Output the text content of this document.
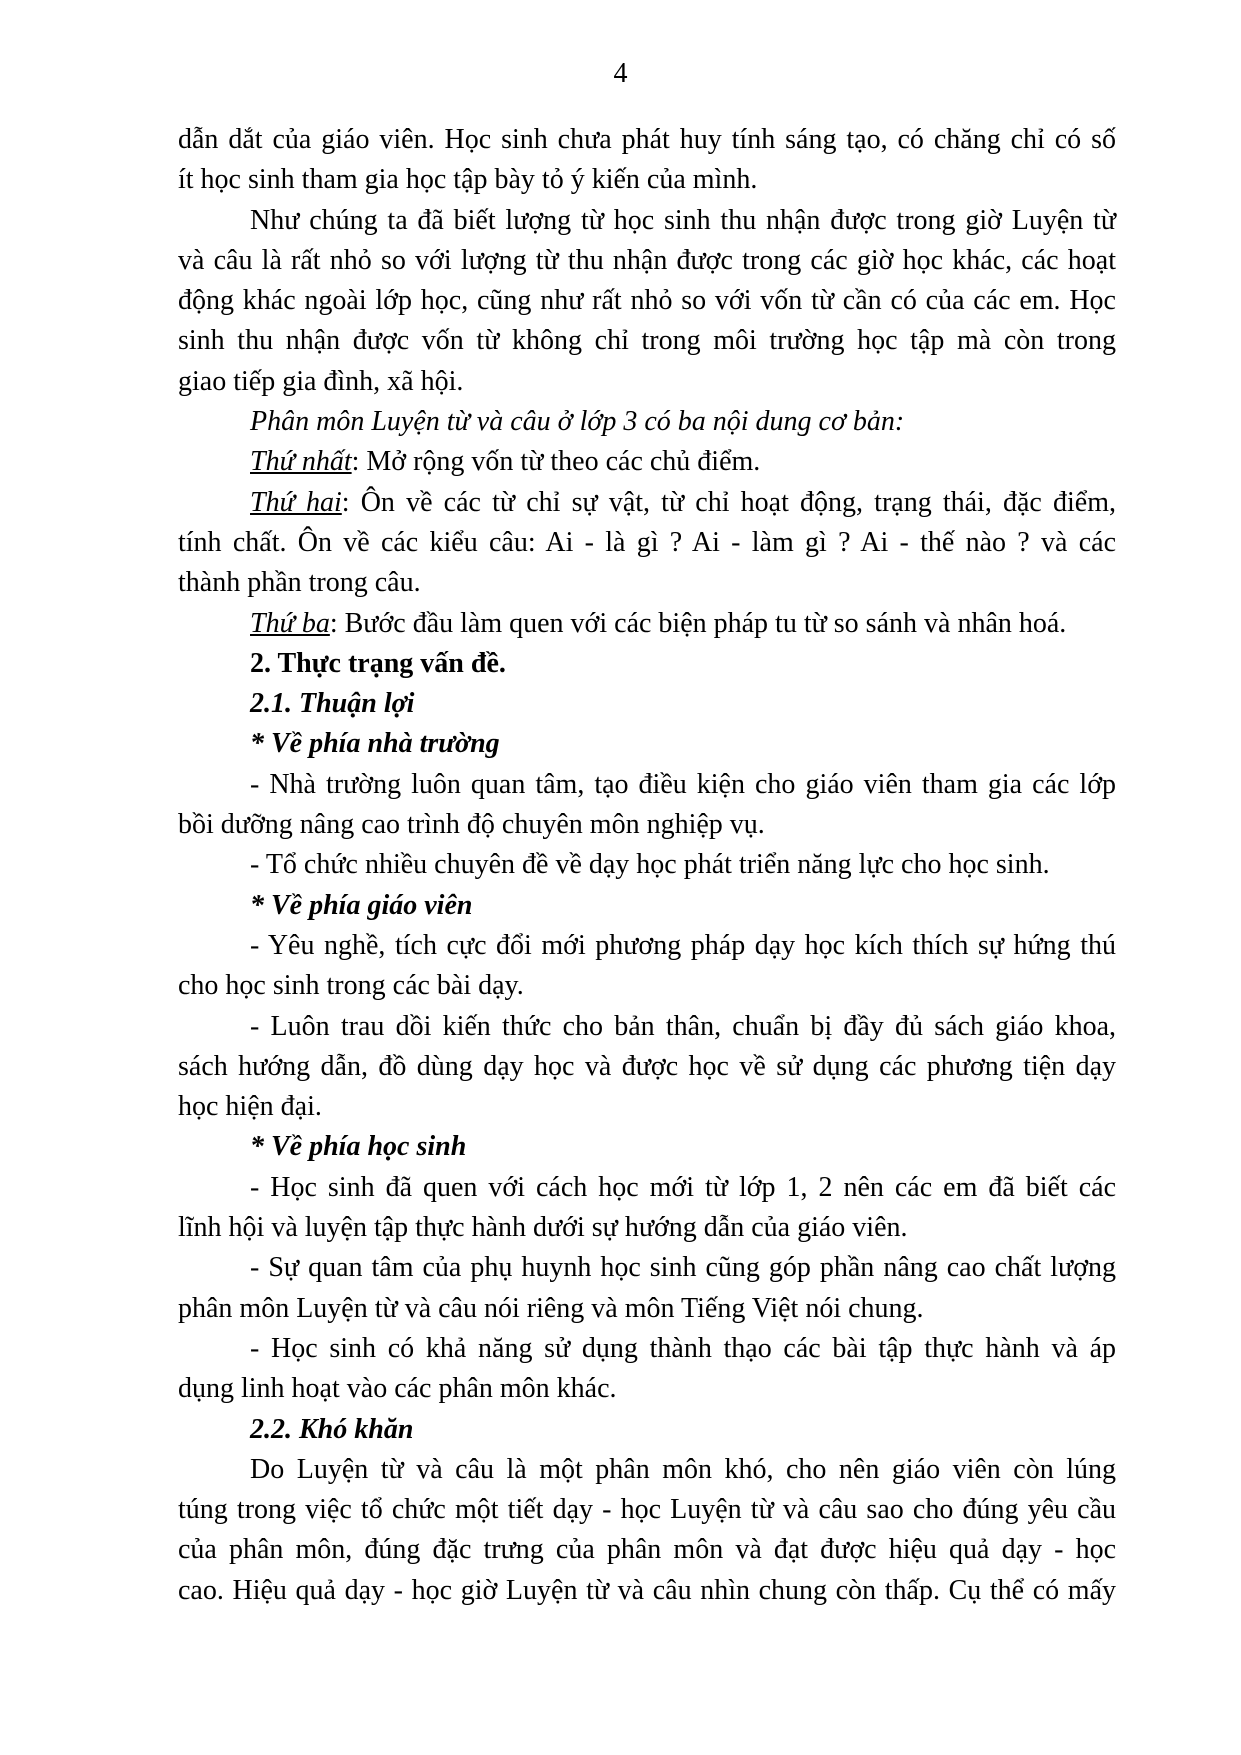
4
dẫn dắt của giáo viên. Học sinh chưa phát huy tính sáng tạo, có chăng chỉ có số
ít học sinh tham gia học tập bày tỏ ý kiến của mình.
Như chúng ta đã biết lượng từ học sinh thu nhận được trong giờ Luyện từ
và câu là rất nhỏ so với lượng từ thu nhận được trong các giờ học khác, các hoạt
động khác ngoài lớp học, cũng như rất nhỏ so với vốn từ cần có của các em. Học
sinh thu nhận được vốn từ không chỉ trong môi trường học tập mà còn trong
giao tiếp gia đình, xã hội.
Phân môn Luyện từ và câu ở lớp 3 có ba nội dung cơ bản:
Thứ nhất: Mở rộng vốn từ theo các chủ điểm.
Thứ hai: Ôn về các từ chỉ sự vật, từ chỉ hoạt động, trạng thái, đặc điểm,
tính chất. Ôn về các kiểu câu: Ai - là gì ? Ai - làm gì ? Ai - thế nào ? và các
thành phần trong câu.
Thứ ba: Bước đầu làm quen với các biện pháp tu từ so sánh và nhân hoá.
2. Thực trạng vấn đề.
2.1. Thuận lợi
* Về phía nhà trường
- Nhà trường luôn quan tâm, tạo điều kiện cho giáo viên tham gia các lớp
bồi dưỡng nâng cao trình độ chuyên môn nghiệp vụ.
- Tổ chức nhiều chuyên đề về dạy học phát triển năng lực cho học sinh.
* Về phía giáo viên
- Yêu nghề, tích cực đổi mới phương pháp dạy học kích thích sự hứng thú
cho học sinh trong các bài dạy.
- Luôn trau dồi kiến thức cho bản thân, chuẩn bị đầy đủ sách giáo khoa,
sách hướng dẫn, đồ dùng dạy học và được học về sử dụng các phương tiện dạy
học hiện đại.
* Về phía học sinh
- Học sinh đã quen với cách học mới từ lớp 1, 2 nên các em đã biết các
lĩnh hội và luyện tập thực hành dưới sự hướng dẫn của giáo viên.
- Sự quan tâm của phụ huynh học sinh cũng góp phần nâng cao chất lượng
phân môn Luyện từ và câu nói riêng và môn Tiếng Việt nói chung.
- Học sinh có khả năng sử dụng thành thạo các bài tập thực hành và áp
dụng linh hoạt vào các phân môn khác.
2.2. Khó khăn
Do Luyện từ và câu là một phân môn khó, cho nên giáo viên còn lúng
túng trong việc tổ chức một tiết dạy - học Luyện từ và câu sao cho đúng yêu cầu
của phân môn, đúng đặc trưng của phân môn và đạt được hiệu quả dạy - học
cao. Hiệu quả dạy - học giờ Luyện từ và câu nhìn chung còn thấp. Cụ thể có mấy
